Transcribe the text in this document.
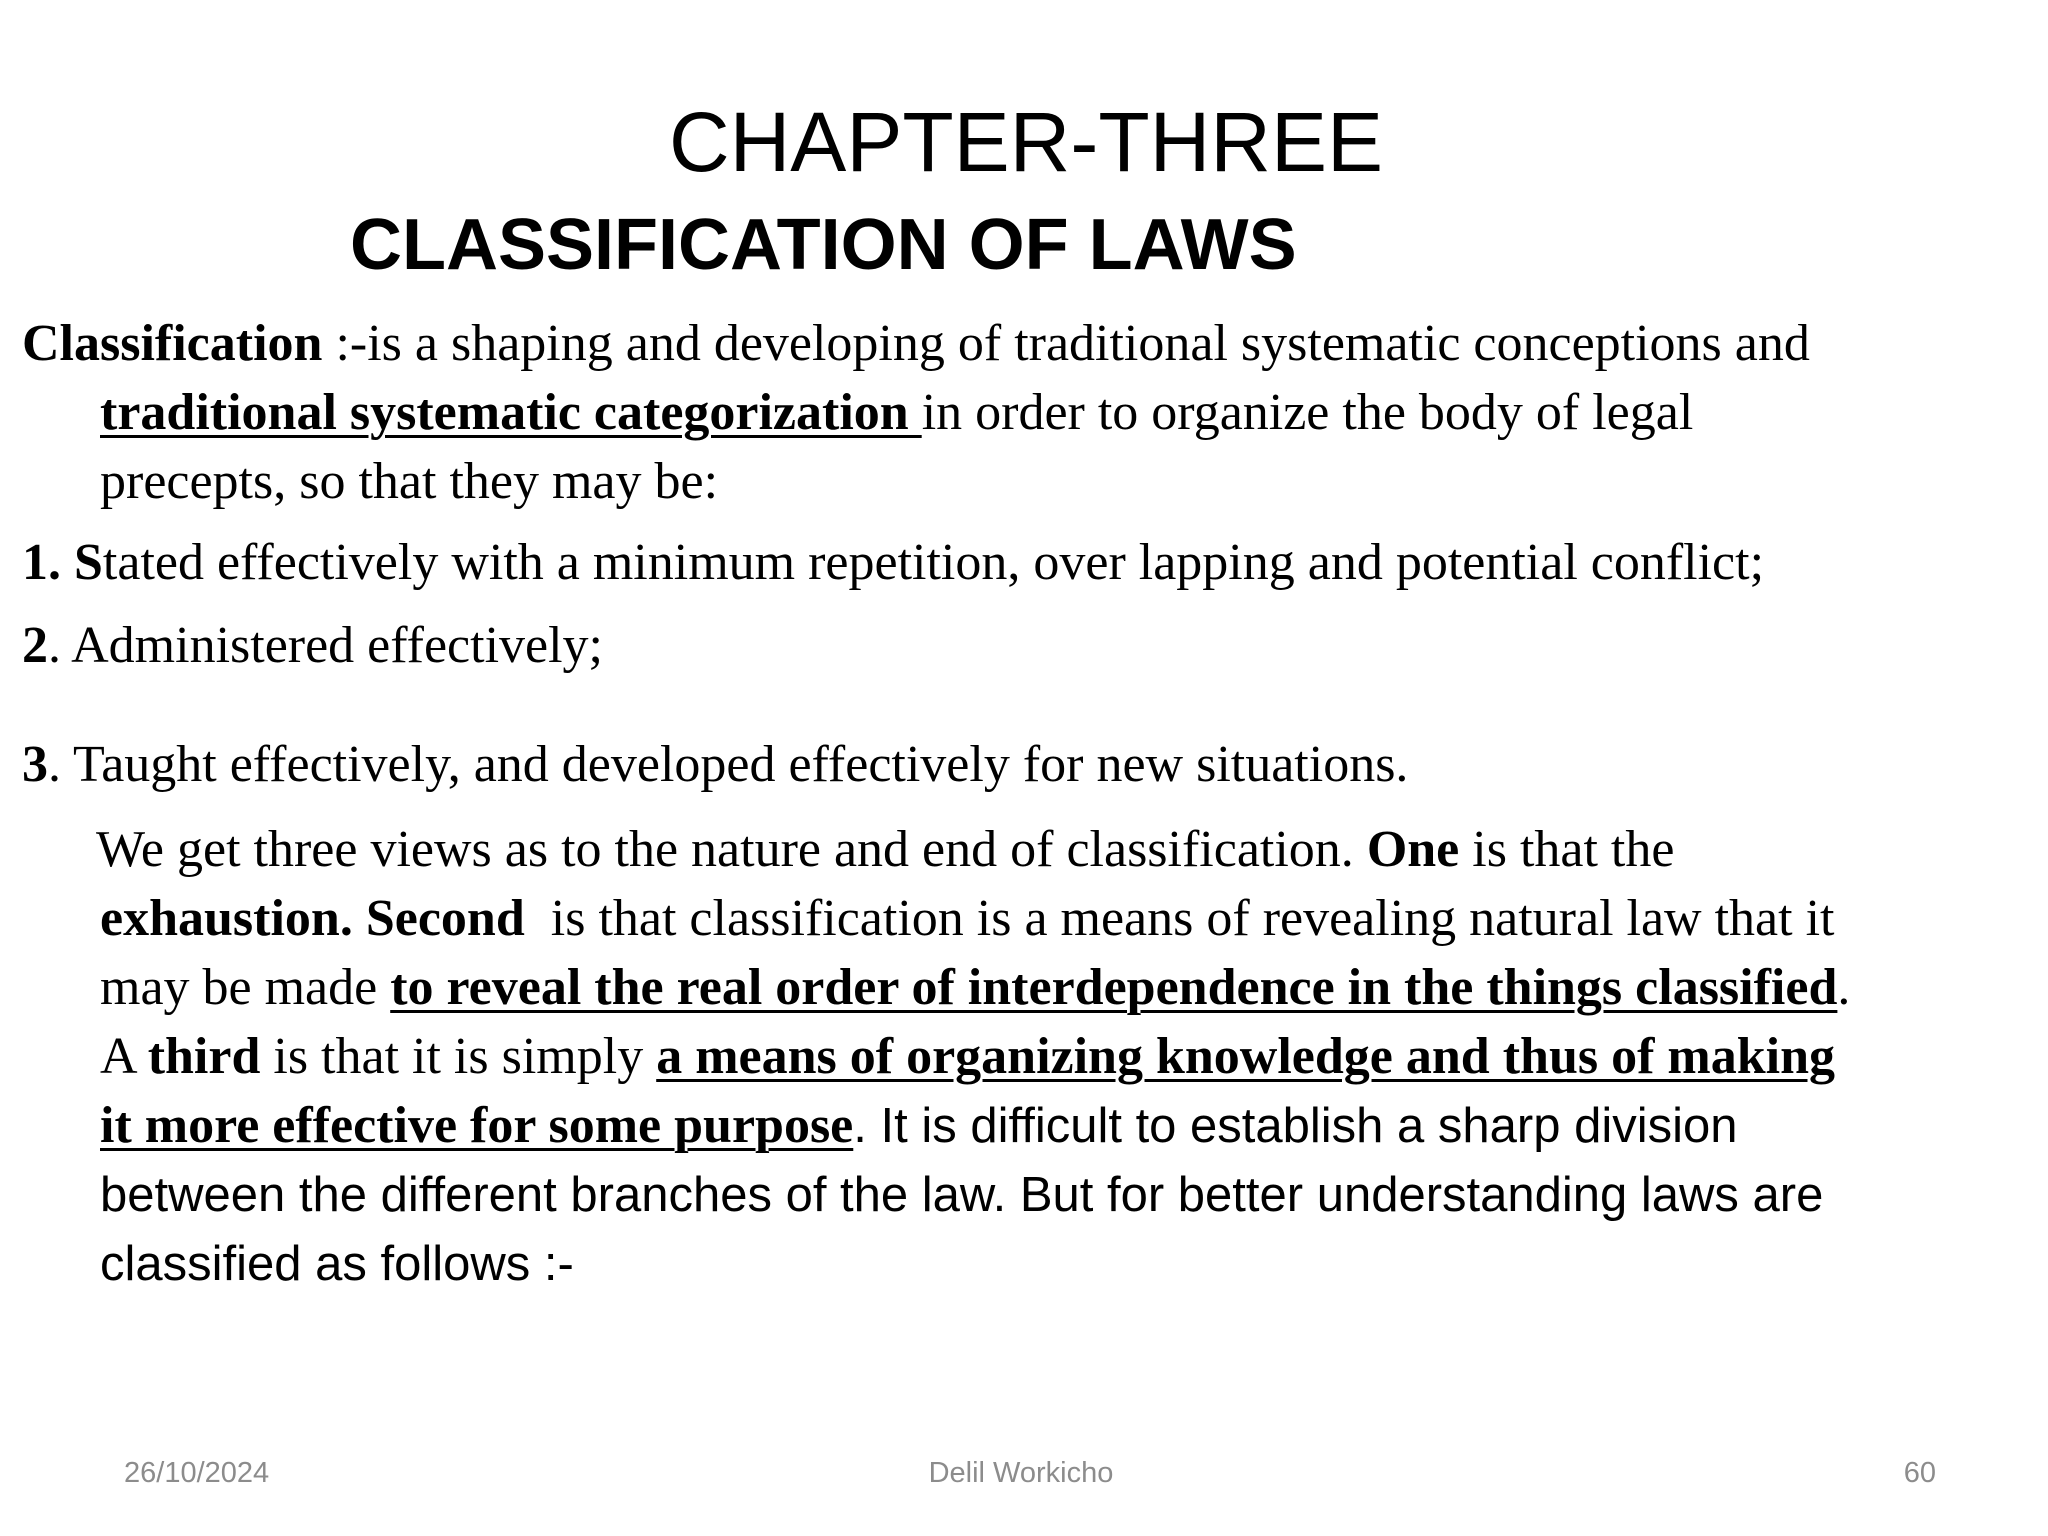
CHAPTER-THREE
CLASSIFICATION OF LAWS
Classification :-is a shaping and developing of traditional systematic conceptions and
traditional systematic categorization in order to organize the body of legal
precepts, so that they may be:
1. Stated effectively with a minimum repetition, over lapping and potential conflict;
2. Administered effectively;
3. Taught effectively, and developed effectively for new situations.
We get three views as to the nature and end of classification. One is that the
exhaustion. Second  is that classification is a means of revealing natural law that it
may be made to reveal the real order of interdependence in the things classified.
A third is that it is simply a means of organizing knowledge and thus of making
it more effective for some purpose. It is difficult to establish a sharp division
between the different branches of the law. But for better understanding laws are
classified as follows :-
26/10/2024	Delil Workicho	60
